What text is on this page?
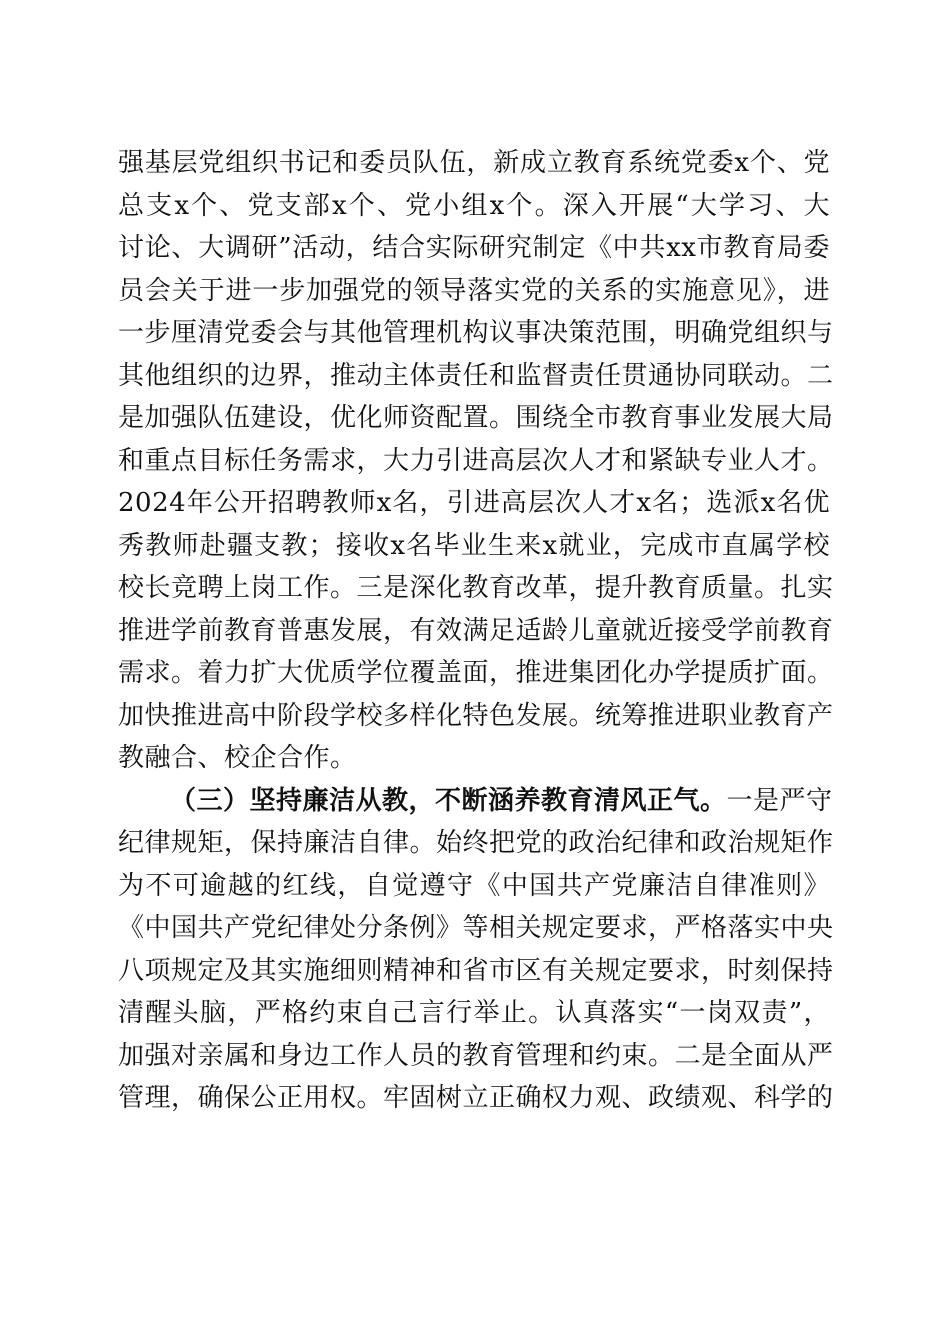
强基层党组织书记和委员队伍，新成立教育系统党委x个、党
总支x个、党支部x个、党小组x个。深入开展“大学习、大
讨论、大调研”活动，结合实际研究制定《中共xx市教育局委
员会关于进一步加强党的领导落实党的关系的实施意见》，进
一步厘清党委会与其他管理机构议事决策范围，明确党组织与
其他组织的边界，推动主体责任和监督责任贯通协同联动。二
是加强队伍建设，优化师资配置。围绕全市教育事业发展大局
和重点目标任务需求，大力引进高层次人才和紧缺专业人才。
2024年公开招聘教师x名，引进高层次人才x名；选派x名优
秀教师赴疆支教；接收x名毕业生来x就业，完成市直属学校
校长竞聘上岗工作。三是深化教育改革，提升教育质量。扎实
推进学前教育普惠发展，有效满足适龄儿童就近接受学前教育
需求。着力扩大优质学位覆盖面，推进集团化办学提质扩面。
加快推进高中阶段学校多样化特色发展。统筹推进职业教育产
教融合、校企合作。
（三）坚持廉洁从教，不断涵养教育清风正气。一是严守
纪律规矩，保持廉洁自律。始终把党的政治纪律和政治规矩作
为不可逾越的红线，自觉遵守《中国共产党廉洁自律准则》
《中国共产党纪律处分条例》等相关规定要求，严格落实中央
八项规定及其实施细则精神和省市区有关规定要求，时刻保持
清醒头脑，严格约束自己言行举止。认真落实“一岗双责”，
加强对亲属和身边工作人员的教育管理和约束。二是全面从严
管理，确保公正用权。牢固树立正确权力观、政绩观、科学的
